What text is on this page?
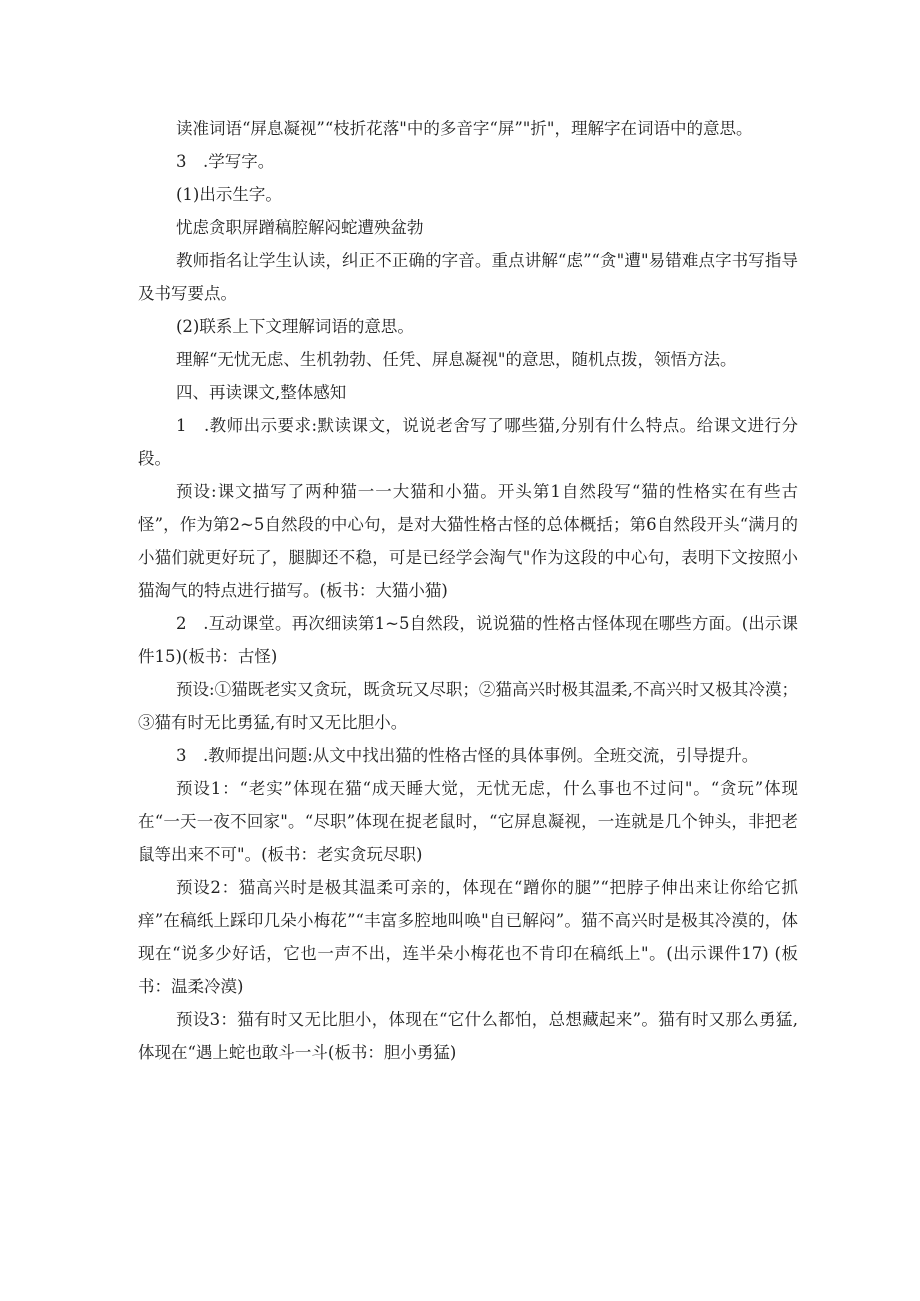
读准词语“屏息凝视”“枝折花落"中的多音字“屏”"折"，理解字在词语中的意思。

3　.学写字。

(1)出示生字。

忧虑贪职屏蹭稿腔解闷蛇遭殃盆勃

教师指名让学生认读，纠正不正确的字音。重点讲解“虑”“贪"遭"易错难点字书写指导及书写要点。

(2)联系上下文理解词语的意思。

理解“无忧无虑、生机勃勃、任凭、屏息凝视"的意思，随机点拨，领悟方法。

四、再读课文,整体感知

1　.教师出示要求:默读课文，说说老舍写了哪些猫,分别有什么特点。给课文进行分段。

预设:课文描写了两种猫一一大猫和小猫。开头第1自然段写“猫的性格实在有些古怪”，作为第2~5自然段的中心句，是对大猫性格古怪的总体概括；第6自然段开头“满月的小猫们就更好玩了，腿脚还不稳，可是已经学会淘气"作为这段的中心句，表明下文按照小猫淘气的特点进行描写。(板书：大猫小猫)

2　.互动课堂。再次细读第1~5自然段，说说猫的性格古怪体现在哪些方面。(出示课件15)(板书：古怪)

预设:①猫既老实又贪玩，既贪玩又尽职；②猫高兴时极其温柔,不高兴时又极其冷漠；③猫有时无比勇猛,有时又无比胆小。

3　.教师提出问题:从文中找出猫的性格古怪的具体事例。全班交流，引导提升。

预设1：“老实”体现在猫“成天睡大觉，无忧无虑，什么事也不过问"。“贪玩”体现在“一天一夜不回家"。“尽职”体现在捉老鼠时，“它屏息凝视，一连就是几个钟头，非把老鼠等出来不可"。(板书：老实贪玩尽职)

预设2：猫高兴时是极其温柔可亲的，体现在“蹭你的腿”“把脖子伸出来让你给它抓痒”在稿纸上踩印几朵小梅花”“丰富多腔地叫唤"自已解闷”。猫不高兴时是极其冷漠的，体现在“说多少好话，它也一声不出，连半朵小梅花也不肯印在稿纸上"。(出示课件17) (板书：温柔冷漠)

预设3：猫有时又无比胆小，体现在“它什么都怕，总想藏起来”。猫有时又那么勇猛,体现在“遇上蛇也敢斗一斗(板书：胆小勇猛)
